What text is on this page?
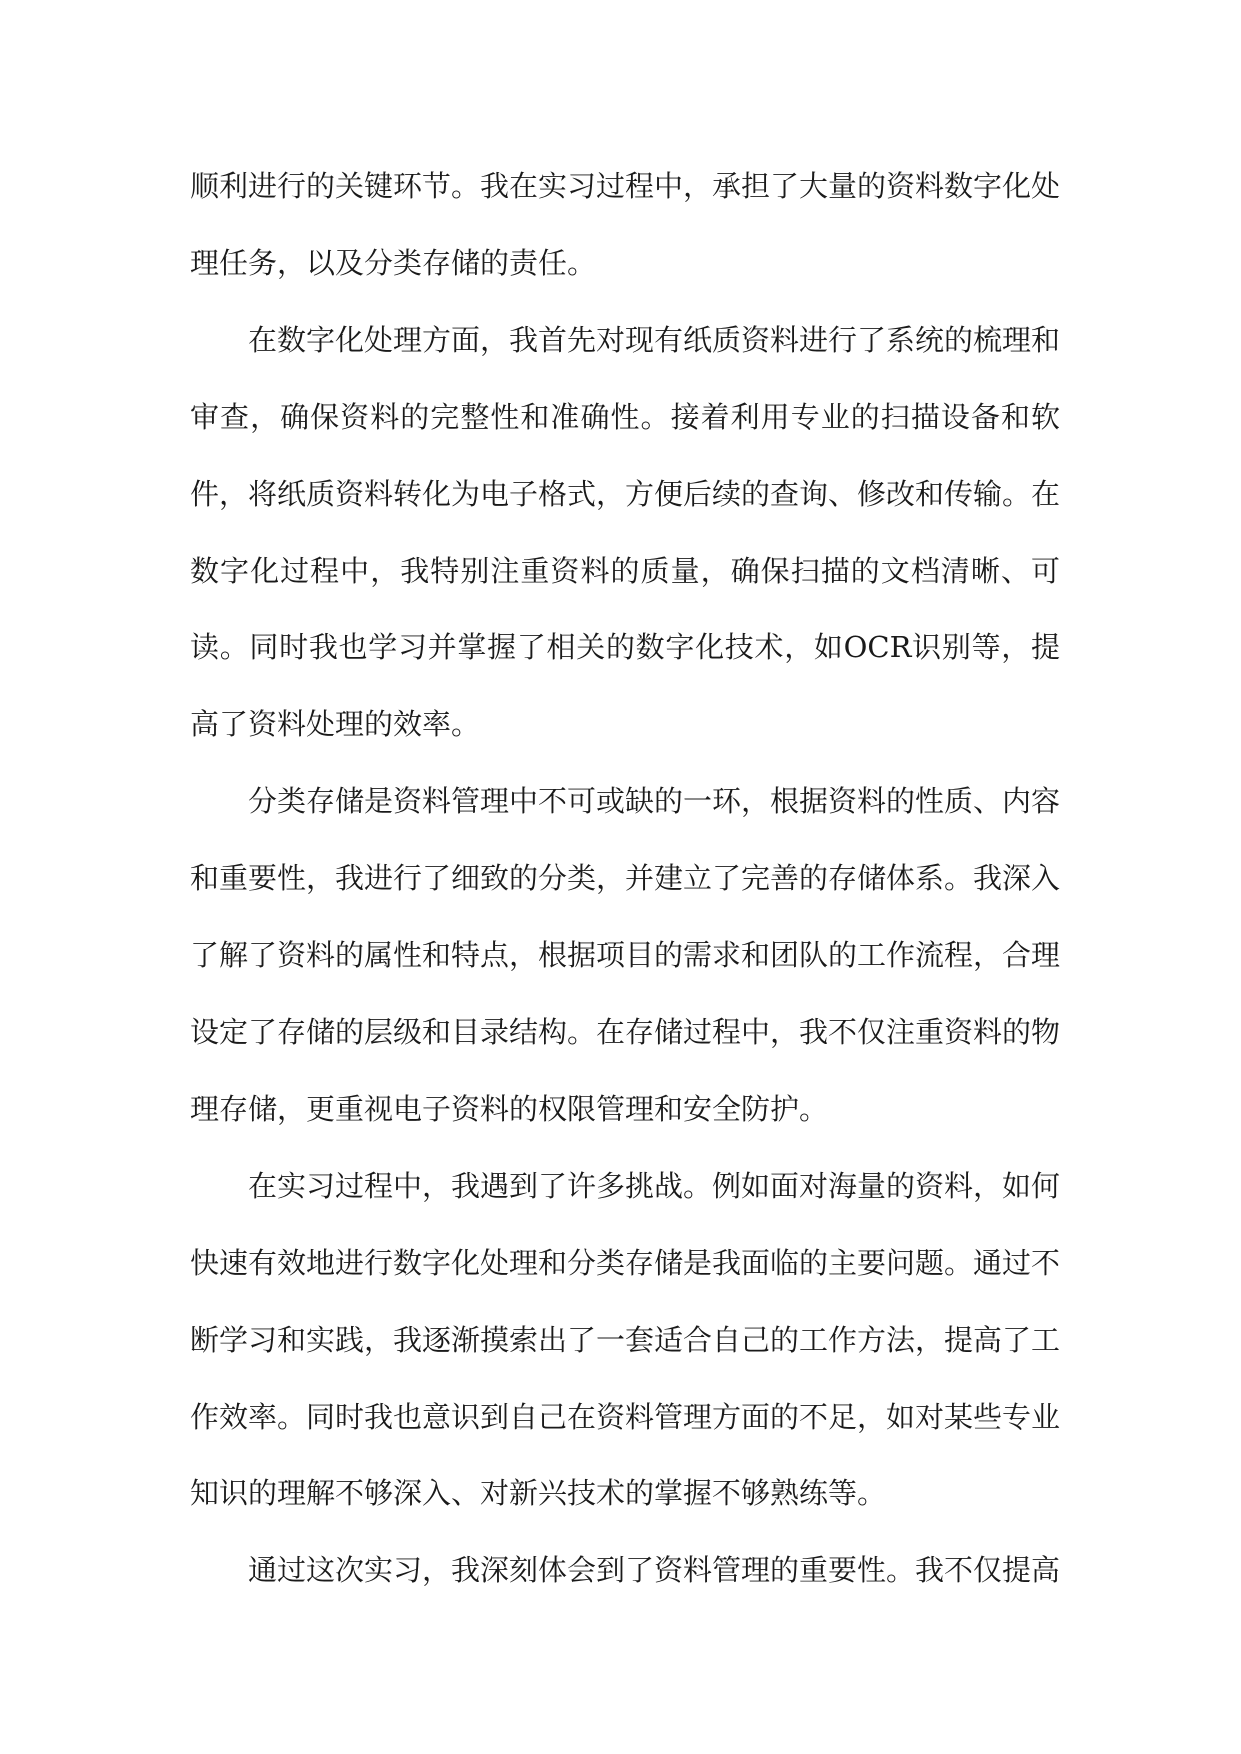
顺利进行的关键环节。我在实习过程中，承担了大量的资料数字化处理任务，以及分类存储的责任。

在数字化处理方面，我首先对现有纸质资料进行了系统的梳理和审查，确保资料的完整性和准确性。接着利用专业的扫描设备和软件，将纸质资料转化为电子格式，方便后续的查询、修改和传输。在数字化过程中，我特别注重资料的质量，确保扫描的文档清晰、可读。同时我也学习并掌握了相关的数字化技术，如OCR识别等，提高了资料处理的效率。

分类存储是资料管理中不可或缺的一环，根据资料的性质、内容和重要性，我进行了细致的分类，并建立了完善的存储体系。我深入了解了资料的属性和特点，根据项目的需求和团队的工作流程，合理设定了存储的层级和目录结构。在存储过程中，我不仅注重资料的物理存储，更重视电子资料的权限管理和安全防护。

在实习过程中，我遇到了许多挑战。例如面对海量的资料，如何快速有效地进行数字化处理和分类存储是我面临的主要问题。通过不断学习和实践，我逐渐摸索出了一套适合自己的工作方法，提高了工作效率。同时我也意识到自己在资料管理方面的不足，如对某些专业知识的理解不够深入、对新兴技术的掌握不够熟练等。

通过这次实习，我深刻体会到了资料管理的重要性。我不仅提高
